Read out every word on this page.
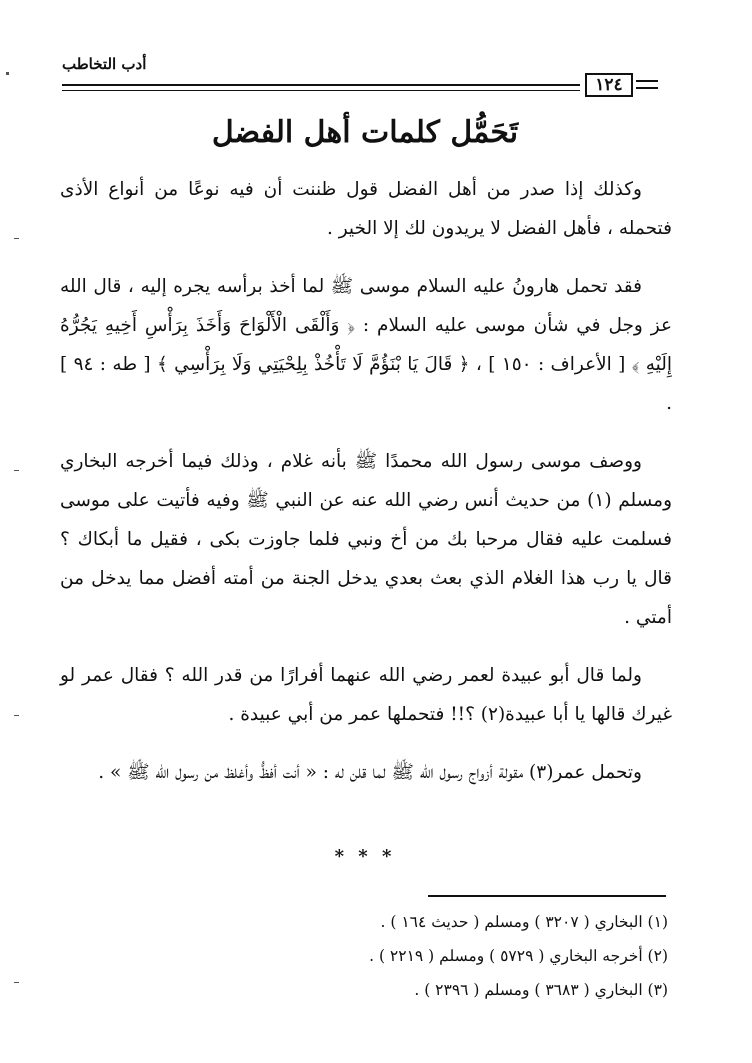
أدب التخاطب
١٢٤
تَحَمُّل كلمات أهل الفضل

وكذلك إذا صدر من أهل الفضل قول ظننت أن فيه نوعًا من أنواع الأذى فتحمله ، فأهل الفضل لا يريدون لك إلا الخير .

فقد تحمل هارونُ عليه السلام موسى ﷺ لما أخذ برأسه يجره إليه ، قال الله عز وجل في شأن موسى عليه السلام : ﴿ وَأَلْقَى الْأَلْوَاحَ وَأَخَذَ بِرَأْسِ أَخِيهِ يَجُرُّهُ إِلَيْهِ ﴾ [ الأعراف : ١٥٠ ] ، ﴿ قَالَ يَا بْنَؤُمَّ لَا تَأْخُذْ بِلِحْيَتِي وَلَا بِرَأْسِي ﴾ [ طه : ٩٤ ] .

ووصف موسى رسول الله محمدًا ﷺ بأنه غلام ، وذلك فيما أخرجه البخاري ومسلم (١) من حديث أنس رضي الله عنه عن النبي ﷺ وفيه فأتيت على موسى فسلمت عليه فقال مرحبا بك من أخ ونبي فلما جاوزت بكى ، فقيل ما أبكاك ؟ قال يا رب هذا الغلام الذي بعث بعدي يدخل الجنة من أمته أفضل مما يدخل من أمتي .

ولما قال أبو عبيدة لعمر رضي الله عنهما أفرارًا من قدر الله ؟ فقال عمر لو غيرك قالها يا أبا عبيدة(٢) ؟!! فتحملها عمر من أبي عبيدة .

وتحمل عمر(٣) مقولة أزواج رسول الله ﷺ لما قلن له : « أنت أفظُّ وأغلظ من رسول الله ﷺ » .

* * *
(١) البخاري ( ٣٢٠٧ ) ومسلم ( حديث ١٦٤ ) .
(٢) أخرجه البخاري ( ٥٧٢٩ ) ومسلم ( ٢٢١٩ ) .
(٣) البخاري ( ٣٦٨٣ ) ومسلم ( ٢٣٩٦ ) .
